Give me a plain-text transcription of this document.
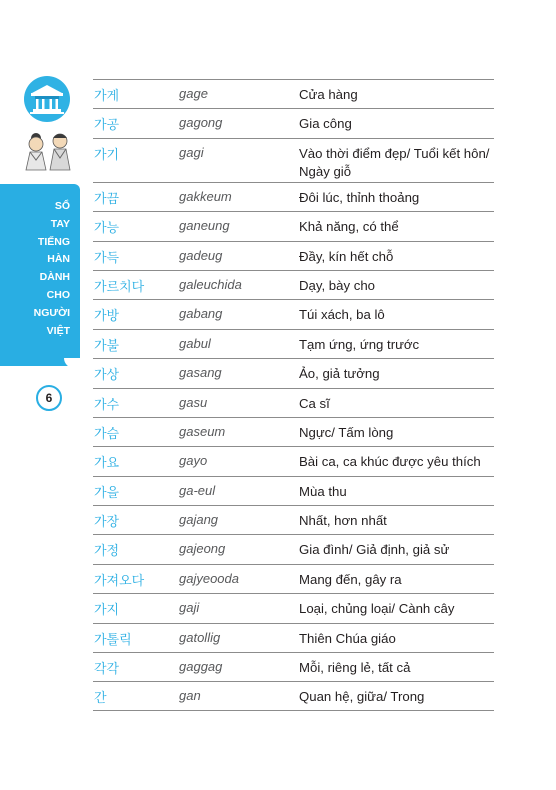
SỔ
TAY
TIẾNG
HÀN
DÀNH
CHO
NGƯỜI
VIỆT
6
가게	gage	Cửa hàng
가공	gagong	Gia công
가기	gagi	Vào thời điểm đẹp/ Tuổi kết hôn/ Ngày giỗ
가끔	gakkeum	Đôi lúc, thỉnh thoảng
가능	ganeung	Khả năng, có thể
가득	gadeug	Đầy, kín hết chỗ
가르치다	galeuchida	Dạy, bày cho
가방	gabang	Túi xách, ba lô
가불	gabul	Tạm ứng, ứng trước
가상	gasang	Ảo, giả tưởng
가수	gasu	Ca sĩ
가슴	gaseum	Ngực/ Tấm lòng
가요	gayo	Bài ca, ca khúc được yêu thích
가을	ga-eul	Mùa thu
가장	gajang	Nhất, hơn nhất
가정	gajeong	Gia đình/ Giả định, giả sử
가져오다	gajyeooda	Mang đến, gây ra
가지	gaji	Loại, chủng loại/ Cành cây
가톨릭	gatollig	Thiên Chúa giáo
각각	gaggag	Mỗi, riêng lẻ, tất cả
간	gan	Quan hệ, giữa/ Trong
